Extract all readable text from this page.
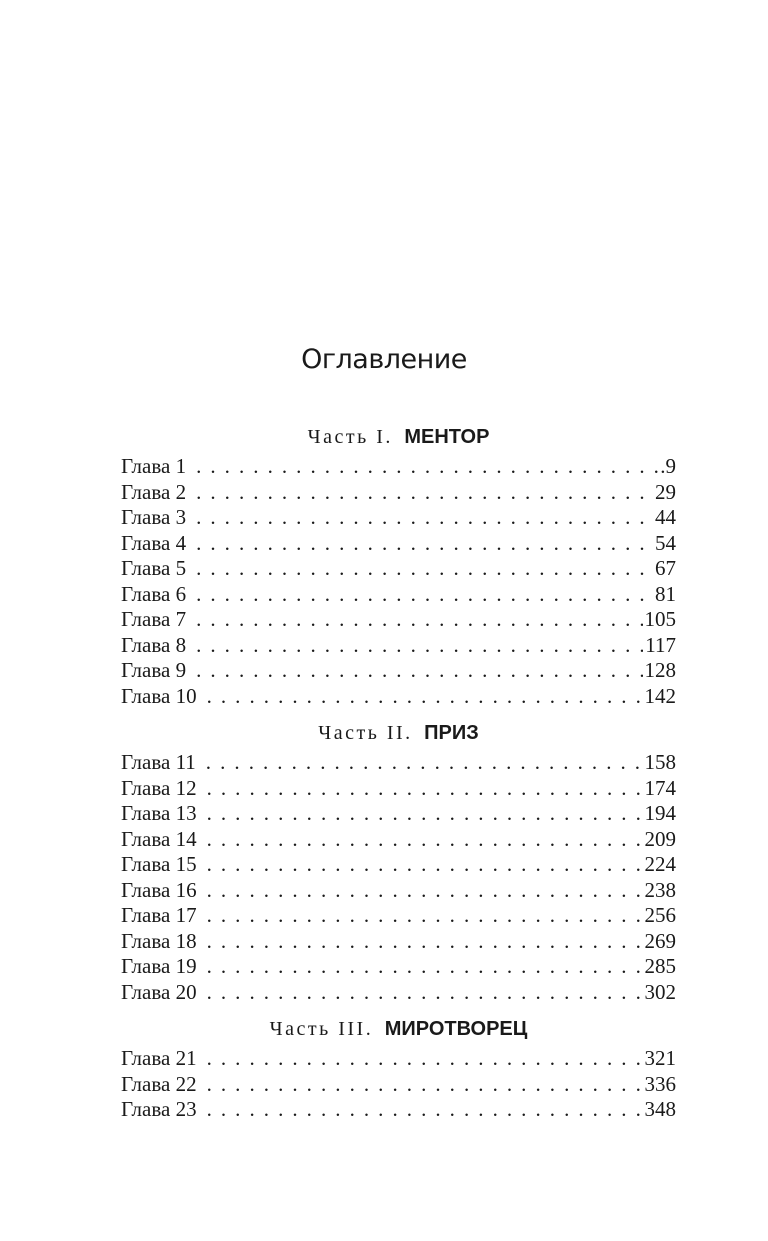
Оглавление
Часть I. МЕНТОР
Глава 1 . . .	.9
Глава 2 . . .	29
Глава 3 . . .	44
Глава 4 . . .	54
Глава 5 . . .	67
Глава 6 . . .	81
Глава 7 . . .	105
Глава 8 . . .	117
Глава 9 . . .	128
Глава 10 . . .	142
Часть II. ПРИЗ
Глава 11 . . .	158
Глава 12 . . .	174
Глава 13 . . .	194
Глава 14 . . .	209
Глава 15 . . .	224
Глава 16 . . .	238
Глава 17 . . .	256
Глава 18 . . .	269
Глава 19 . . .	285
Глава 20 . . .	302
Часть III. МИРОТВОРЕЦ
Глава 21 . . .	321
Глава 22 . . .	336
Глава 23 . . .	348
